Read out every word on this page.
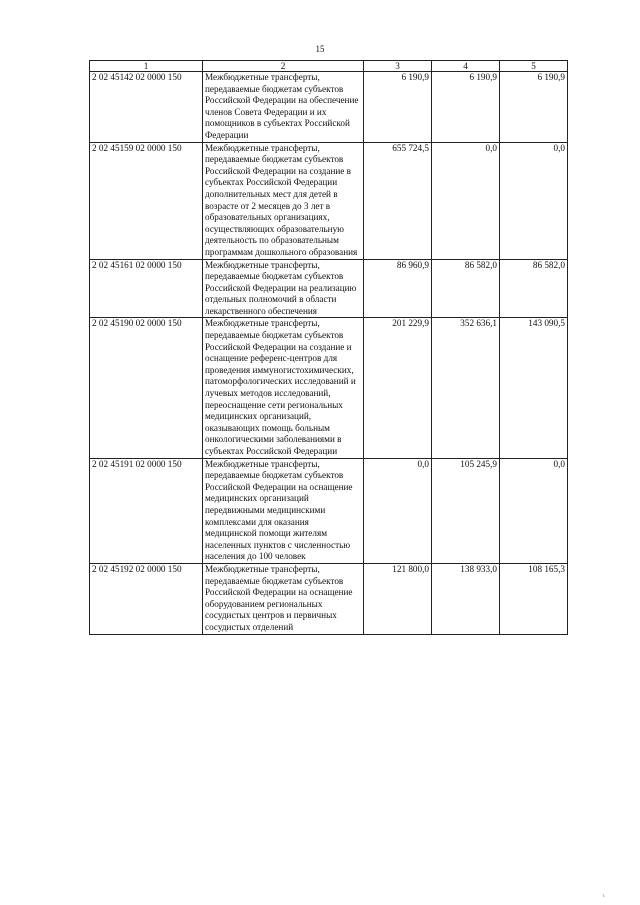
15
1	2	3	4	5
2 02 45142 02 0000 150	Межбюджетные трансферты, передаваемые бюджетам субъектов Российской Федерации на обеспечение членов Совета Федерации и их помощников в субъектах Российской Федерации	6 190,9	6 190,9	6 190,9
2 02 45159 02 0000 150	Межбюджетные трансферты, передаваемые бюджетам субъектов Российской Федерации на создание в субъектах Российской Федерации дополнительных мест для детей в возрасте от 2 месяцев до 3 лет в образовательных организациях, осуществляющих образовательную деятельность по образовательным программам дошкольного образования	655 724,5	0,0	0,0
2 02 45161 02 0000 150	Межбюджетные трансферты, передаваемые бюджетам субъектов Российской Федерации на реализацию отдельных полномочий в области лекарственного обеспечения	86 960,9	86 582,0	86 582,0
2 02 45190 02 0000 150	Межбюджетные трансферты, передаваемые бюджетам субъектов Российской Федерации на создание и оснащение референс-центров для проведения иммуногистохимических, патоморфологических исследований и лучевых методов исследований, переоснащение сети региональных медицинских организаций, оказывающих помощь больным онкологическими заболеваниями в субъектах Российской Федерации	201 229,9	352 636,1	143 090,5
2 02 45191 02 0000 150	Межбюджетные трансферты, передаваемые бюджетам субъектов Российской Федерации на оснащение медицинских организаций передвижными медицинскими комплексами для оказания медицинской помощи жителям населенных пунктов с численностью населения до 100 человек	0,0	105 245,9	0,0
2 02 45192 02 0000 150	Межбюджетные трансферты, передаваемые бюджетам субъектов Российской Федерации на оснащение оборудованием региональных сосудистых центров и первичных сосудистых отделений	121 800,0	138 933,0	108 165,3
ı
